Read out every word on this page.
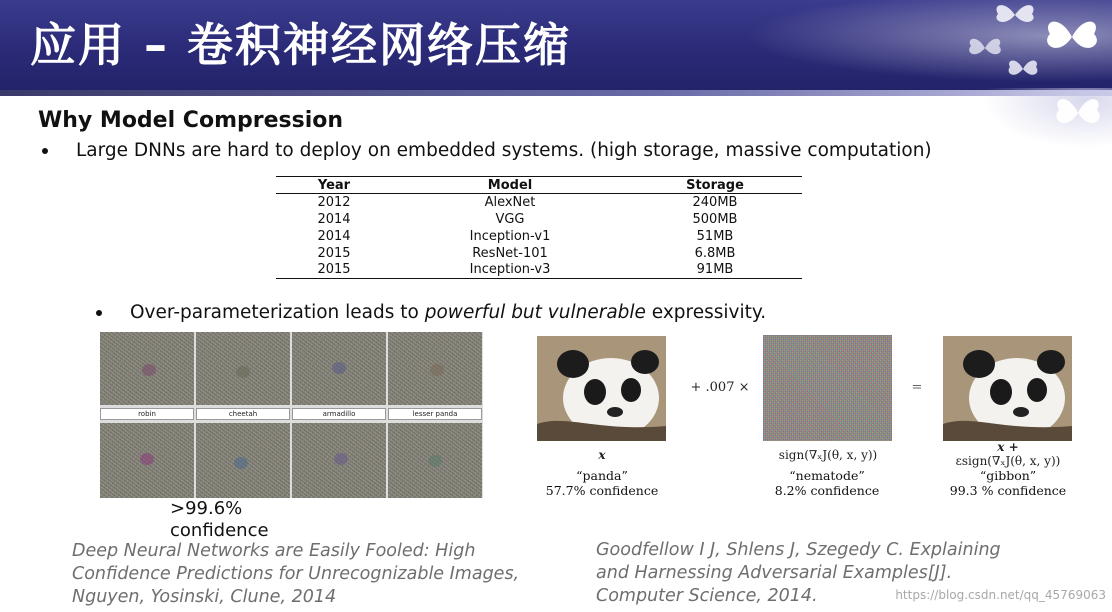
应用 – 卷积神经网络压缩
Why Model Compression
Large DNNs are hard to deploy on embedded systems. (high storage, massive computation)
Year	Model	Storage
2012	AlexNet	240MB
2014	VGG	500MB
2014	Inception-v1	51MB
2015	ResNet-101	6.8MB
2015	Inception-v3	91MB
Over-parameterization leads to powerful but vulnerable expressivity.
robin	cheetah	armadillo	lesser panda
>99.6%
confidence
+ .007 ×	=
x	sign(∇ₓJ(θ, x, y))
x +
εsign(∇ₓJ(θ, x, y))
“panda”
57.7% confidence
“nematode”
8.2% confidence
“gibbon”
99.3 % confidence
Deep Neural Networks are Easily Fooled: High
Confidence Predictions for Unrecognizable Images,
Nguyen, Yosinski, Clune, 2014
Goodfellow I J, Shlens J, Szegedy C. Explaining
and Harnessing Adversarial Examples[J].
Computer Science, 2014.	https://blog.csdn.net/qq_45769063
